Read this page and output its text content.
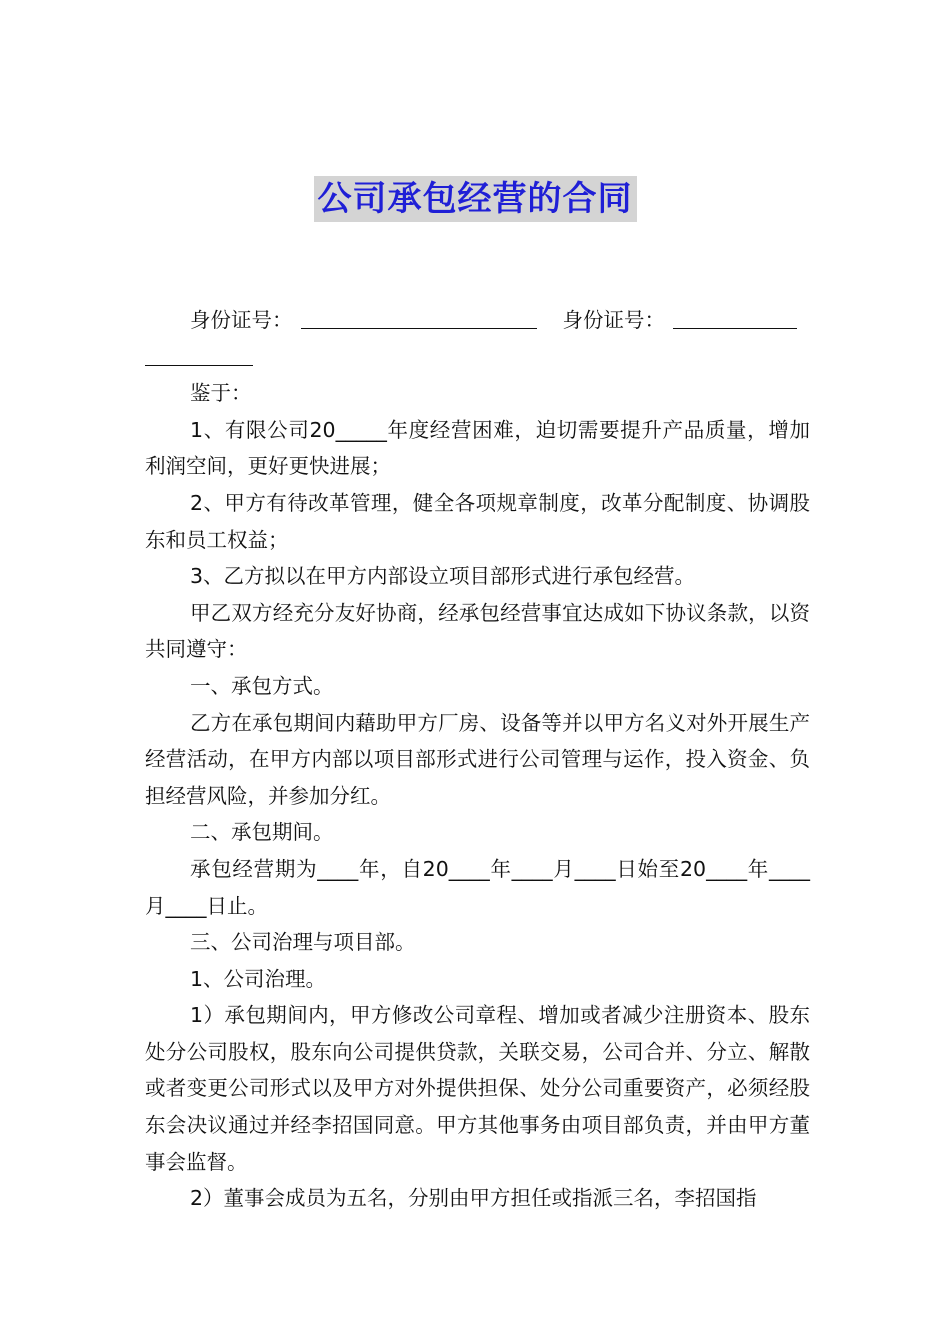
公司承包经营的合同

身份证号：	身份证号：

鉴于：

1、有限公司20_____年度经营困难，迫切需要提升产品质量，增加利润空间，更好更快进展；

2、甲方有待改革管理，健全各项规章制度，改革分配制度、协调股东和员工权益；

3、乙方拟以在甲方内部设立项目部形式进行承包经营。

甲乙双方经充分友好协商，经承包经营事宜达成如下协议条款，以资共同遵守：

一、承包方式。

乙方在承包期间内藉助甲方厂房、设备等并以甲方名义对外开展生产经营活动，在甲方内部以项目部形式进行公司管理与运作，投入资金、负担经营风险，并参加分红。

二、承包期间。

承包经营期为____年，自20____年____月____日始至20____年____月____日止。

三、公司治理与项目部。

1、公司治理。

1）承包期间内，甲方修改公司章程、增加或者减少注册资本、股东处分公司股权，股东向公司提供贷款，关联交易，公司合并、分立、解散或者变更公司形式以及甲方对外提供担保、处分公司重要资产，必须经股东会决议通过并经李招国同意。甲方其他事务由项目部负责，并由甲方董事会监督。

2）董事会成员为五名，分别由甲方担任或指派三名，李招国指
